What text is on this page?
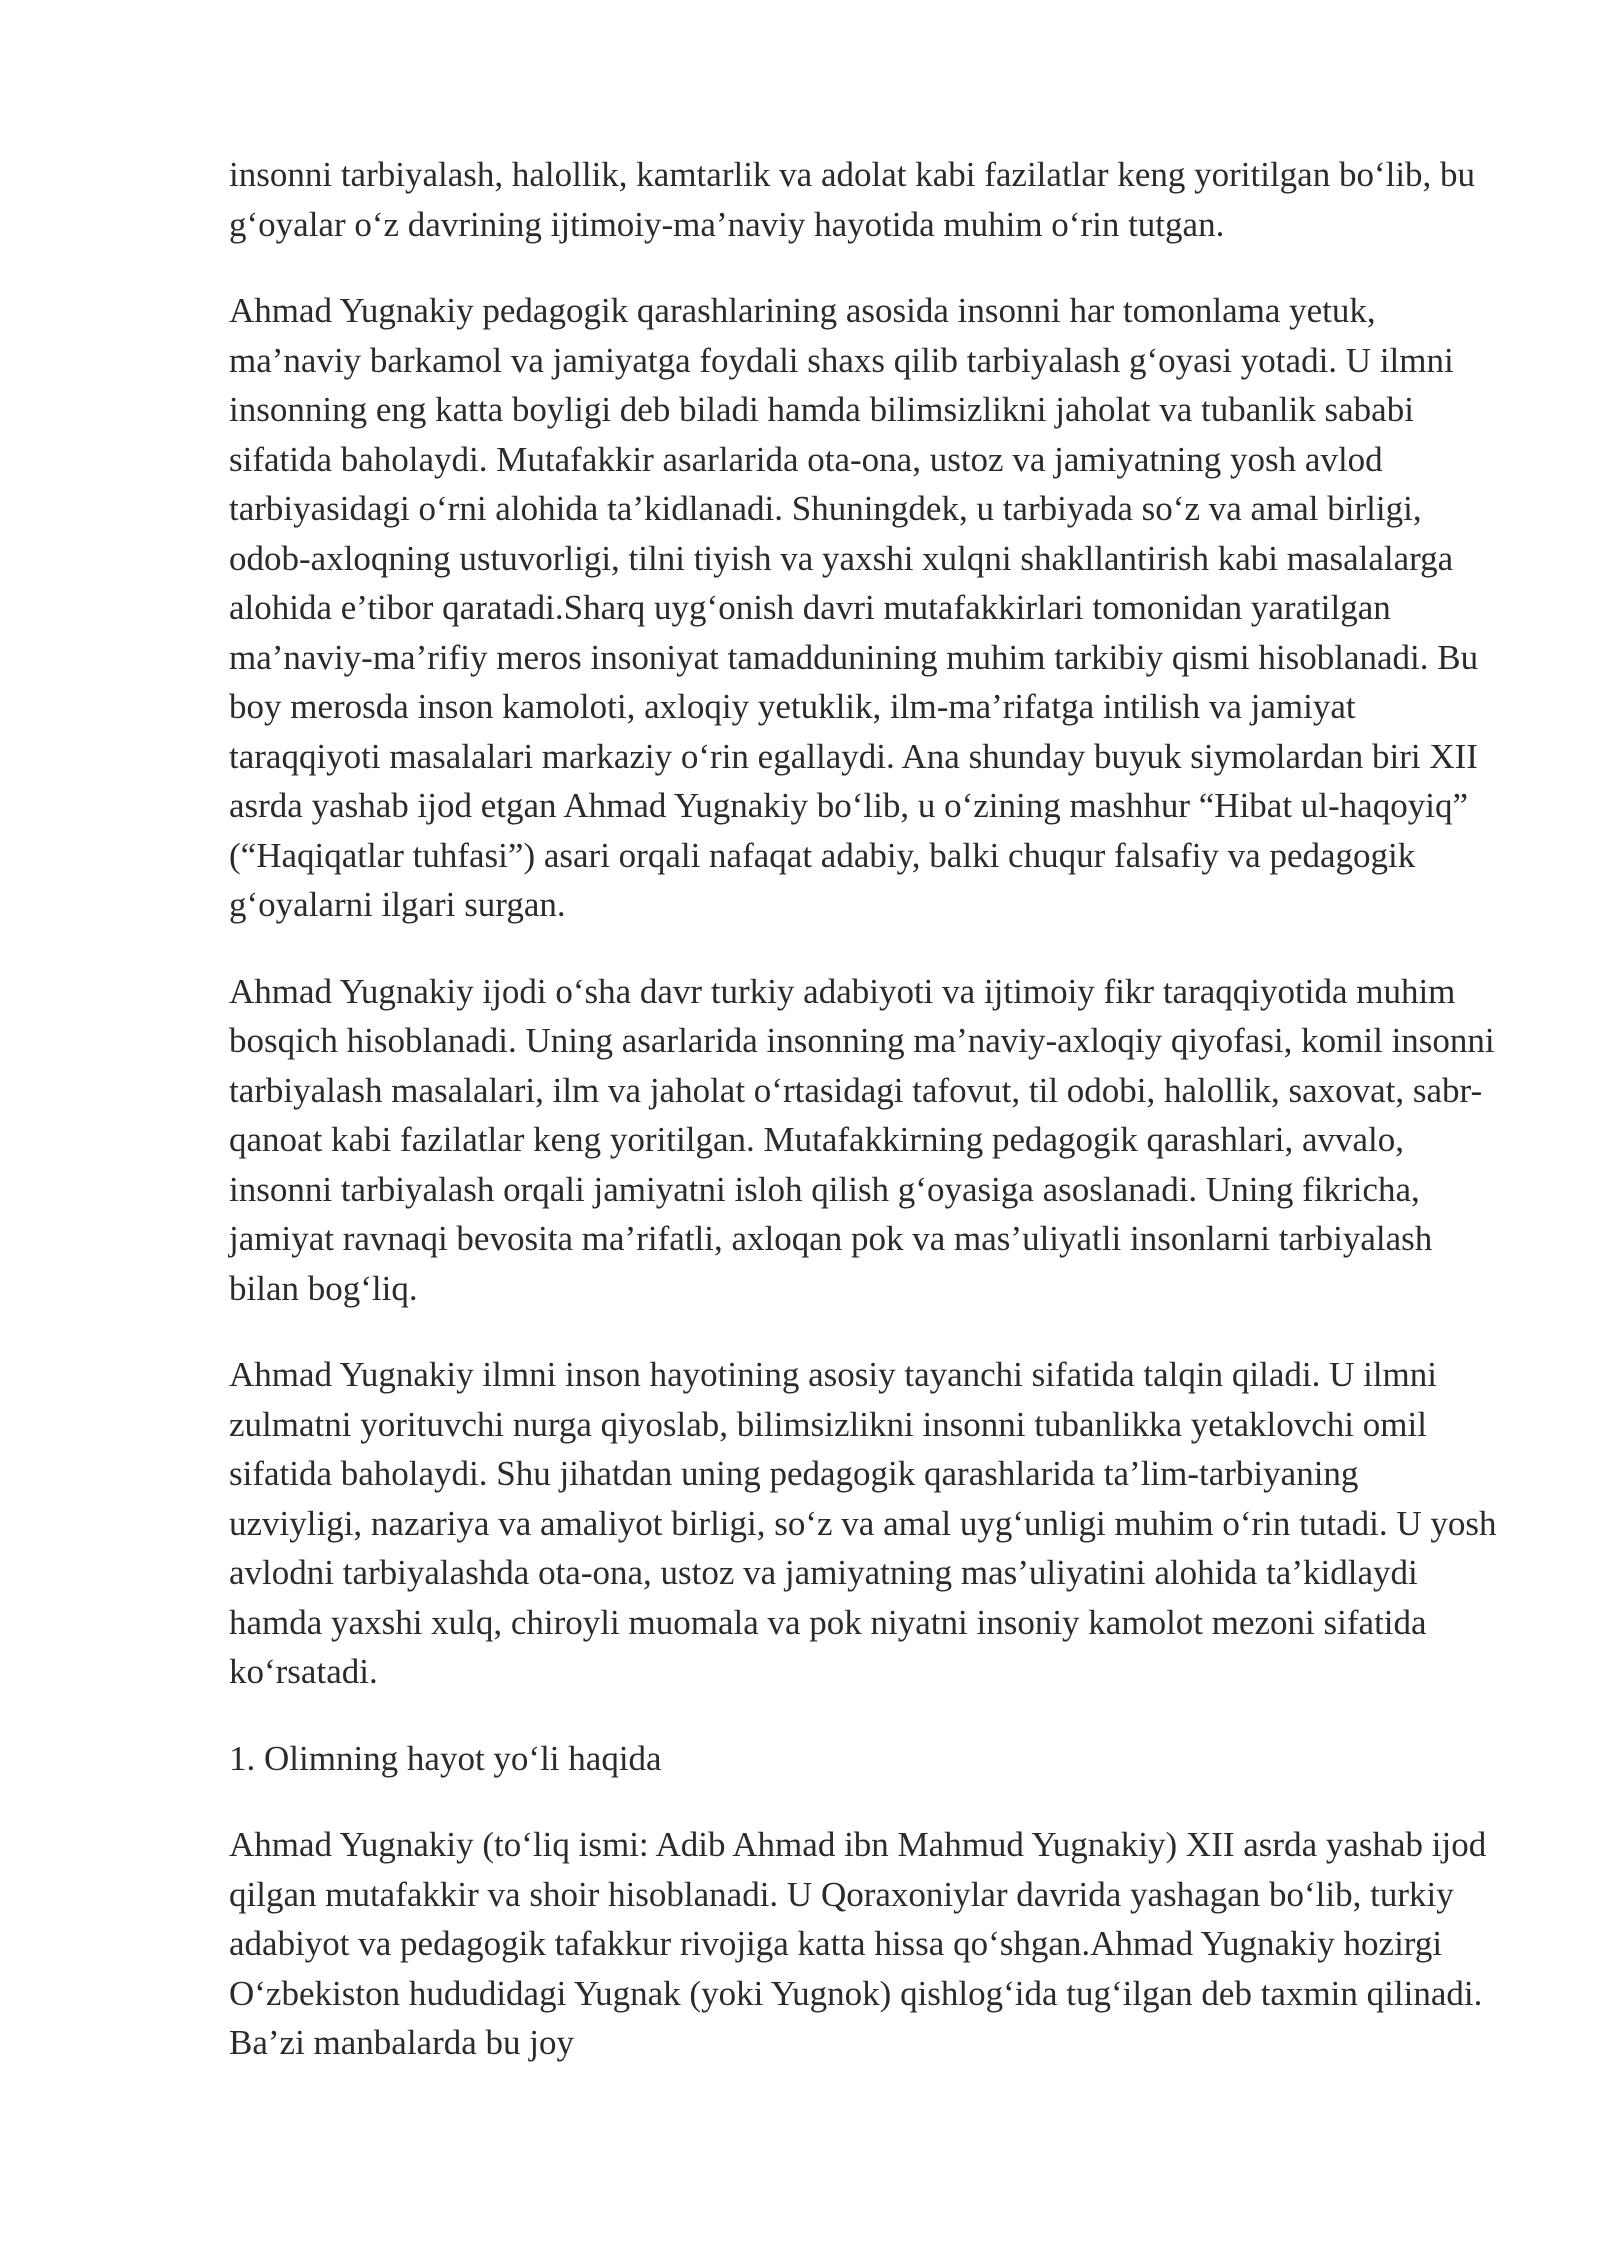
insonni tarbiyalash, halollik, kamtarlik va adolat kabi fazilatlar keng yoritilgan bo‘lib, bu g‘oyalar o‘z davrining ijtimoiy-ma’naviy hayotida muhim o‘rin tutgan.

Ahmad Yugnakiy pedagogik qarashlarining asosida insonni har tomonlama yetuk, ma’naviy barkamol va jamiyatga foydali shaxs qilib tarbiyalash g‘oyasi yotadi. U ilmni insonning eng katta boyligi deb biladi hamda bilimsizlikni jaholat va tubanlik sababi sifatida baholaydi. Mutafakkir asarlarida ota-ona, ustoz va jamiyatning yosh avlod tarbiyasidagi o‘rni alohida ta’kidlanadi. Shuningdek, u tarbiyada so‘z va amal birligi, odob-axloqning ustuvorligi, tilni tiyish va yaxshi xulqni shakllantirish kabi masalalarga alohida e’tibor qaratadi.Sharq uyg‘onish davri mutafakkirlari tomonidan yaratilgan ma’naviy-ma’rifiy meros insoniyat tamaddunining muhim tarkibiy qismi hisoblanadi. Bu boy merosda inson kamoloti, axloqiy yetuklik, ilm-ma’rifatga intilish va jamiyat taraqqiyoti masalalari markaziy o‘rin egallaydi. Ana shunday buyuk siymolardan biri XII asrda yashab ijod etgan Ahmad Yugnakiy bo‘lib, u o‘zining mashhur “Hibat ul-haqoyiq” (“Haqiqatlar tuhfasi”) asari orqali nafaqat adabiy, balki chuqur falsafiy va pedagogik g‘oyalarni ilgari surgan.

Ahmad Yugnakiy ijodi o‘sha davr turkiy adabiyoti va ijtimoiy fikr taraqqiyotida muhim bosqich hisoblanadi. Uning asarlarida insonning ma’naviy-axloqiy qiyofasi, komil insonni tarbiyalash masalalari, ilm va jaholat o‘rtasidagi tafovut, til odobi, halollik, saxovat, sabr-qanoat kabi fazilatlar keng yoritilgan. Mutafakkirning pedagogik qarashlari, avvalo, insonni tarbiyalash orqali jamiyatni isloh qilish g‘oyasiga asoslanadi. Uning fikricha, jamiyat ravnaqi bevosita ma’rifatli, axloqan pok va mas’uliyatli insonlarni tarbiyalash bilan bog‘liq.

Ahmad Yugnakiy ilmni inson hayotining asosiy tayanchi sifatida talqin qiladi. U ilmni zulmatni yorituvchi nurga qiyoslab, bilimsizlikni insonni tubanlikka yetaklovchi omil sifatida baholaydi. Shu jihatdan uning pedagogik qarashlarida ta’lim-tarbiyaning uzviyligi, nazariya va amaliyot birligi, so‘z va amal uyg‘unligi muhim o‘rin tutadi. U yosh avlodni tarbiyalashda ota-ona, ustoz va jamiyatning mas’uliyatini alohida ta’kidlaydi hamda yaxshi xulq, chiroyli muomala va pok niyatni insoniy kamolot mezoni sifatida ko‘rsatadi.

1. Olimning hayot yo‘li haqida

Ahmad Yugnakiy (to‘liq ismi: Adib Ahmad ibn Mahmud Yugnakiy) XII asrda yashab ijod qilgan mutafakkir va shoir hisoblanadi. U Qoraxoniylar davrida yashagan bo‘lib, turkiy adabiyot va pedagogik tafakkur rivojiga katta hissa qo‘shgan.Ahmad Yugnakiy hozirgi O‘zbekiston hududidagi Yugnak (yoki Yugnok) qishlog‘ida tug‘ilgan deb taxmin qilinadi. Ba’zi manbalarda bu joy
